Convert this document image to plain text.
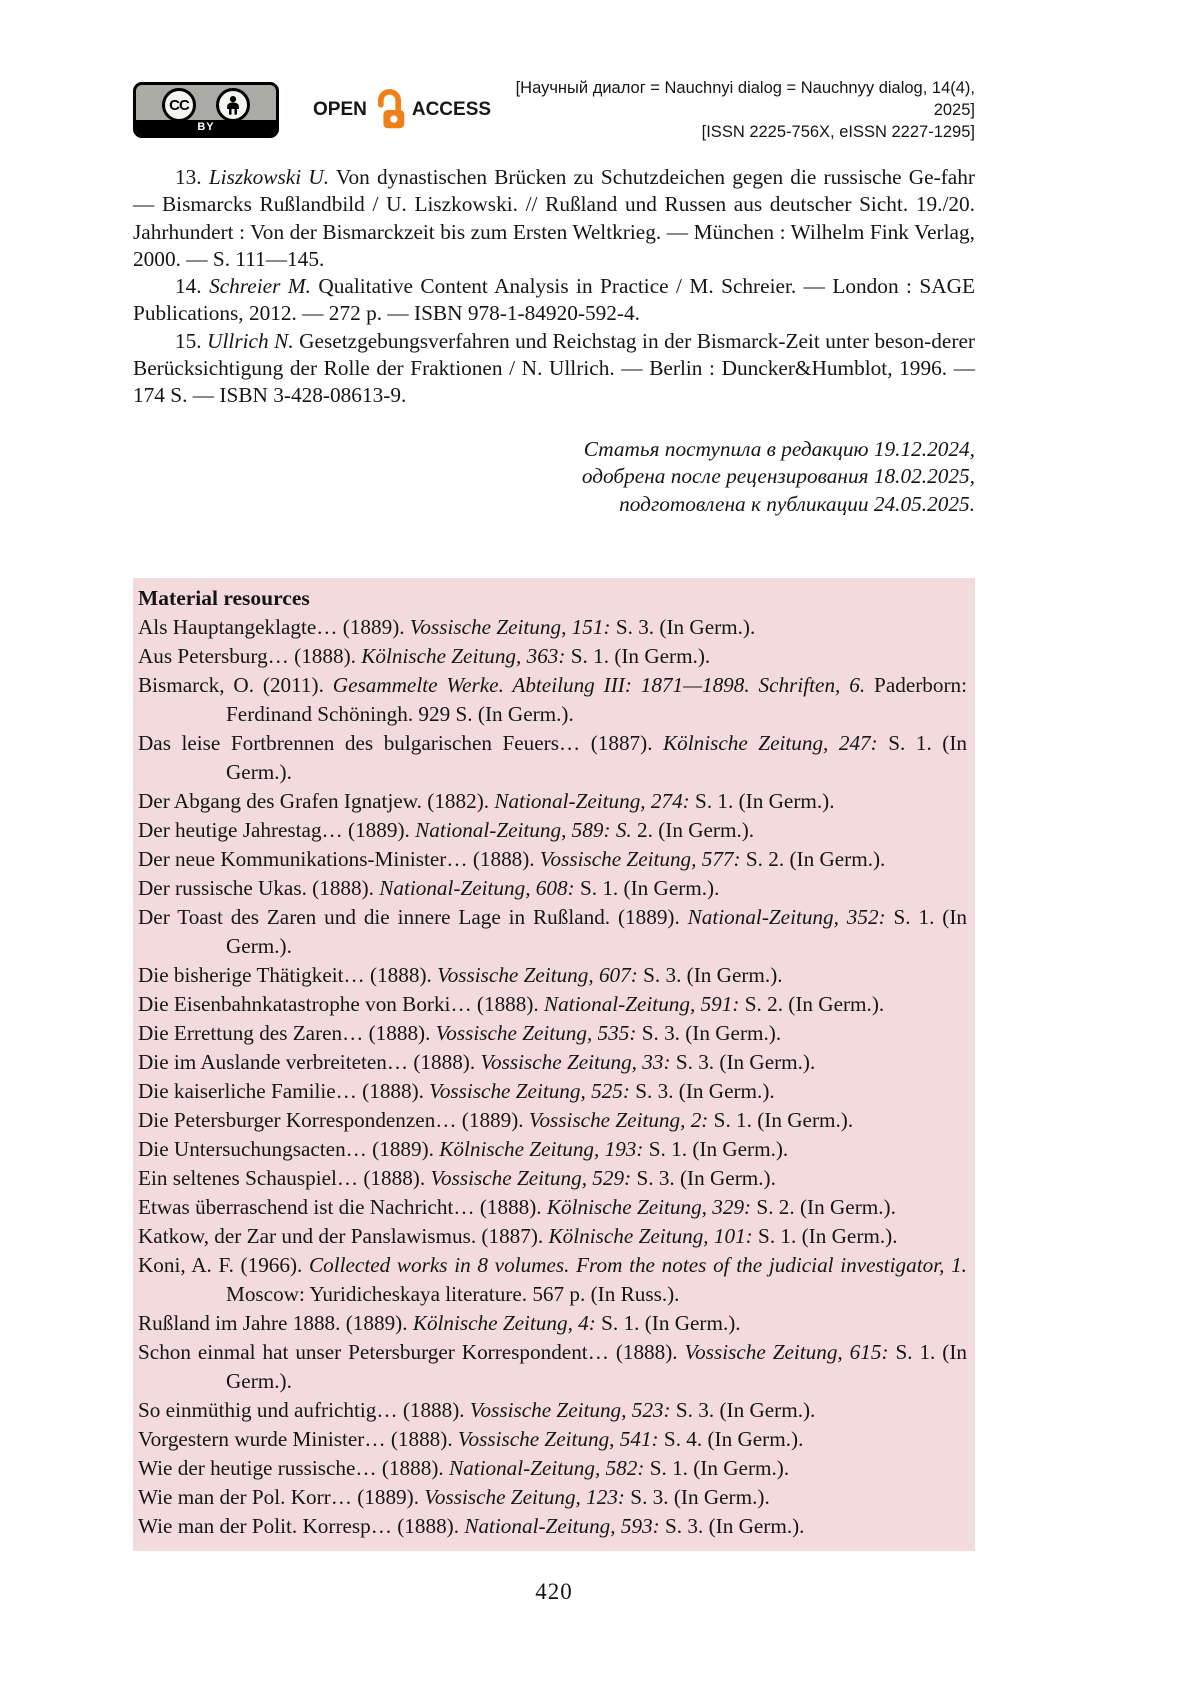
CC
BY
OPEN ACCESS
[Научный диалог = Nauchnyi dialog = Nauchnyy dialog, 14(4), 2025]
[ISSN 2225-756X, eISSN 2227-1295]

13. Liszkowski U. Von dynastischen Brücken zu Schutzdeichen gegen die russische Ge-fahr — Bismarcks Rußlandbild / U. Liszkowski. // Rußland und Russen aus deutscher Sicht. 19./20. Jahrhundert : Von der Bismarckzeit bis zum Ersten Weltkrieg. — München : Wilhelm Fink Verlag, 2000. — S. 111—145.

14. Schreier M. Qualitative Content Analysis in Practice / M. Schreier. — London : SAGE Publications, 2012. — 272 p. — ISBN 978-1-84920-592-4.

15. Ullrich N. Gesetzgebungsverfahren und Reichstag in der Bismarck-Zeit unter beson-derer Berücksichtigung der Rolle der Fraktionen / N. Ullrich. — Berlin : Duncker&Humblot, 1996. — 174 S. — ISBN 3-428-08613-9.

Статья поступила в редакцию 19.12.2024,
одобрена после рецензирования 18.02.2025,
подготовлена к публикации 24.05.2025.

Material resources

Als Hauptangeklagte… (1889). Vossische Zeitung, 151: S. 3. (In Germ.).

Aus Petersburg… (1888). Kölnische Zeitung, 363: S. 1. (In Germ.).

Bismarck, O. (2011). Gesammelte Werke. Abteilung III: 1871—1898. Schriften, 6. Paderborn: Ferdinand Schöningh. 929 S. (In Germ.).

Das leise Fortbrennen des bulgarischen Feuers… (1887). Kölnische Zeitung, 247: S. 1. (In Germ.).

Der Abgang des Grafen Ignatjew. (1882). National-Zeitung, 274: S. 1. (In Germ.).

Der heutige Jahrestag… (1889). National-Zeitung, 589: S. 2. (In Germ.).

Der neue Kommunikations-Minister… (1888). Vossische Zeitung, 577: S. 2. (In Germ.).

Der russische Ukas. (1888). National-Zeitung, 608: S. 1. (In Germ.).

Der Toast des Zaren und die innere Lage in Rußland. (1889). National-Zeitung, 352: S. 1. (In Germ.).

Die bisherige Thätigkeit… (1888). Vossische Zeitung, 607: S. 3. (In Germ.).

Die Eisenbahnkatastrophe von Borki… (1888). National-Zeitung, 591: S. 2. (In Germ.).

Die Errettung des Zaren… (1888). Vossische Zeitung, 535: S. 3. (In Germ.).

Die im Auslande verbreiteten… (1888). Vossische Zeitung, 33: S. 3. (In Germ.).

Die kaiserliche Familie… (1888). Vossische Zeitung, 525: S. 3. (In Germ.).

Die Petersburger Korrespondenzen… (1889). Vossische Zeitung, 2: S. 1. (In Germ.).

Die Untersuchungsacten… (1889). Kölnische Zeitung, 193: S. 1. (In Germ.).

Ein seltenes Schauspiel… (1888). Vossische Zeitung, 529: S. 3. (In Germ.).

Etwas überraschend ist die Nachricht… (1888). Kölnische Zeitung, 329: S. 2. (In Germ.).

Katkow, der Zar und der Panslawismus. (1887). Kölnische Zeitung, 101: S. 1. (In Germ.).

Koni, A. F. (1966). Collected works in 8 volumes. From the notes of the judicial investigator, 1. Moscow: Yuridicheskaya literature. 567 p. (In Russ.).

Rußland im Jahre 1888. (1889). Kölnische Zeitung, 4: S. 1. (In Germ.).

Schon einmal hat unser Petersburger Korrespondent… (1888). Vossische Zeitung, 615: S. 1. (In Germ.).

So einmüthig und aufrichtig… (1888). Vossische Zeitung, 523: S. 3. (In Germ.).

Vorgestern wurde Minister… (1888). Vossische Zeitung, 541: S. 4. (In Germ.).

Wie der heutige russische… (1888). National-Zeitung, 582: S. 1. (In Germ.).

Wie man der Pol. Korr… (1889). Vossische Zeitung, 123: S. 3. (In Germ.).

Wie man der Polit. Korresp… (1888). National-Zeitung, 593: S. 3. (In Germ.).

420
